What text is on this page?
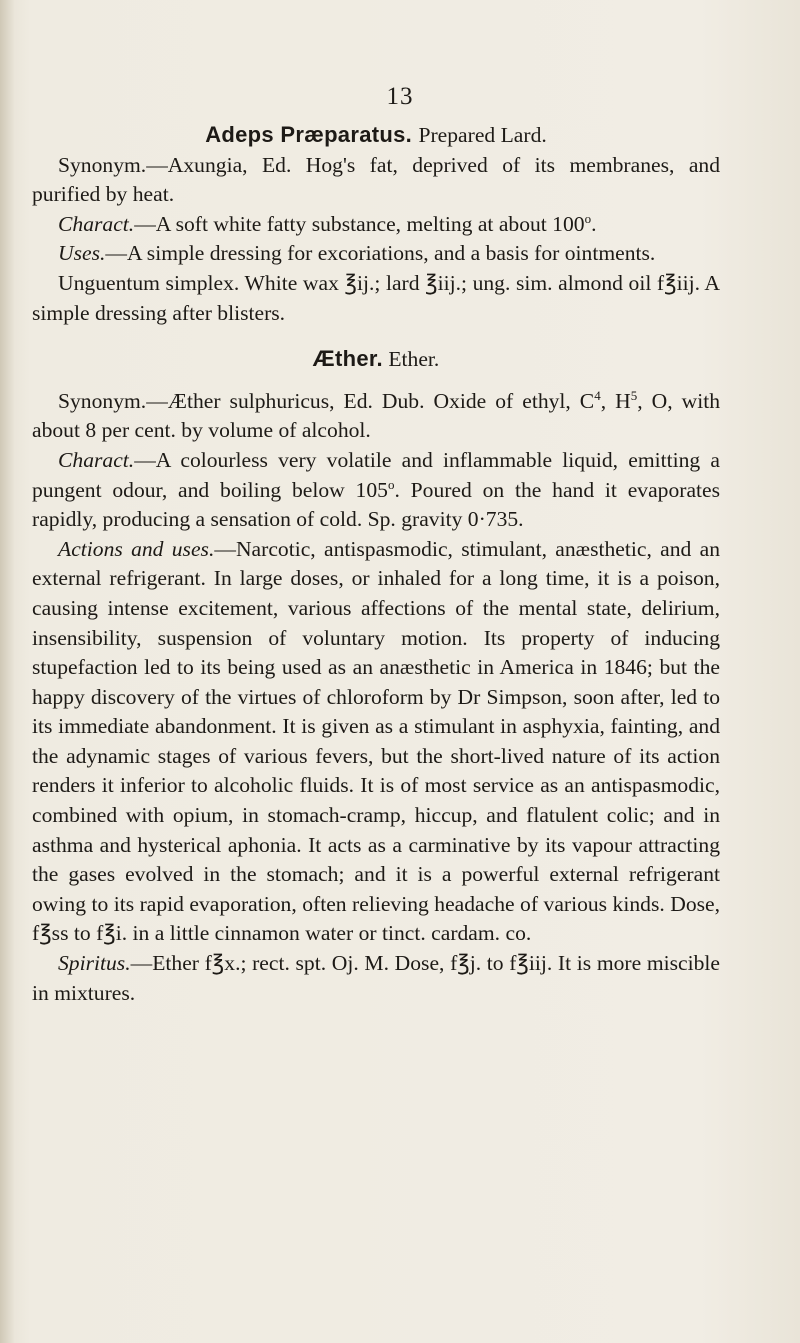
13

Adeps Præparatus. Prepared Lard.

Synonym.—Axungia, Ed. Hog's fat, deprived of its membranes, and purified by heat.

Charact.—A soft white fatty substance, melting at about 100$^o$.

Uses.—A simple dressing for excoriations, and a basis for ointments.

Unguentum simplex. White wax ℥ij.; lard ℥iij.; ung. sim. almond oil f℥iij. A simple dressing after blisters.

Æther. Ether.

Synonym.—Æther sulphuricus, Ed. Dub. Oxide of ethyl, $C^4$, $H^5$, O, with about 8 per cent. by volume of alcohol.

Charact.—A colourless very volatile and inflammable liquid, emitting a pungent odour, and boiling below 105$^o$. Poured on the hand it evaporates rapidly, producing a sensation of cold. Sp. gravity 0·735.

Actions and uses.—Narcotic, antispasmodic, stimulant, anæsthetic, and an external refrigerant. In large doses, or inhaled for a long time, it is a poison, causing intense excitement, various affections of the mental state, delirium, insensibility, suspension of voluntary motion. Its property of inducing stupefaction led to its being used as an anæsthetic in America in 1846; but the happy discovery of the virtues of chloroform by Dr Simpson, soon after, led to its immediate abandonment. It is given as a stimulant in asphyxia, fainting, and the adynamic stages of various fevers, but the short-lived nature of its action renders it inferior to alcoholic fluids. It is of most service as an antispasmodic, combined with opium, in stomach-cramp, hiccup, and flatulent colic; and in asthma and hysterical aphonia. It acts as a carminative by its vapour attracting the gases evolved in the stomach; and it is a powerful external refrigerant owing to its rapid evaporation, often relieving headache of various kinds. Dose, f℥ss to f℥i. in a little cinnamon water or tinct. cardam. co.

Spiritus.—Ether f℥x.; rect. spt. Oj. M. Dose, f℥j. to f℥iij. It is more miscible in mixtures.
